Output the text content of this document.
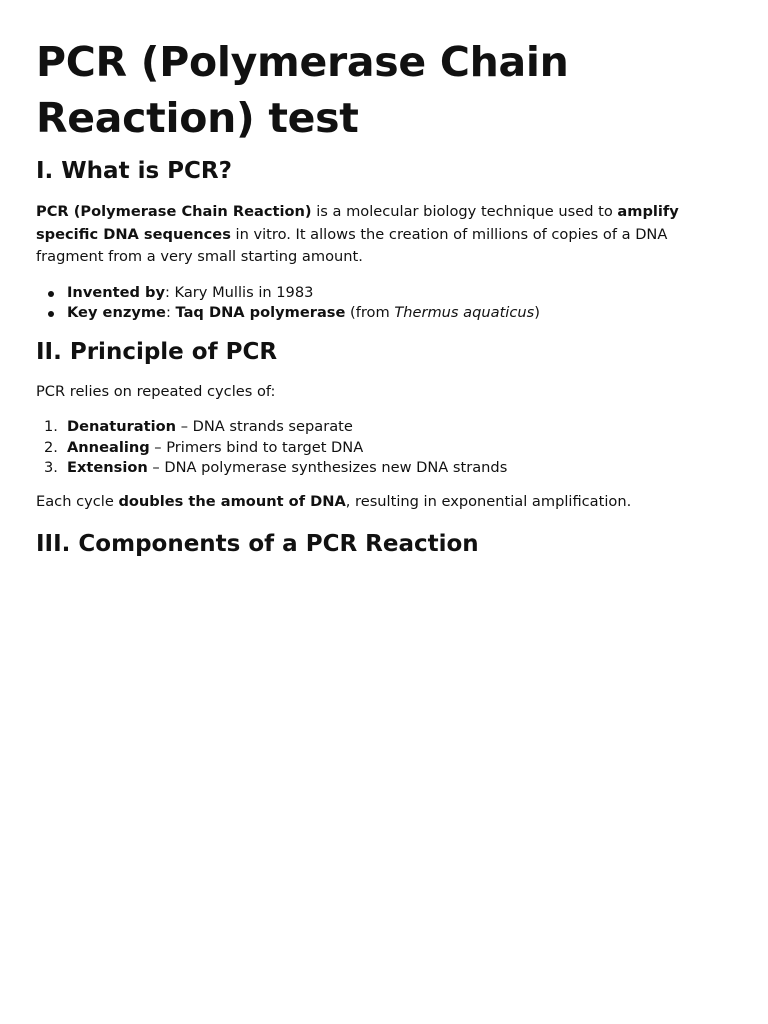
PCR (Polymerase Chain Reaction) test
I. What is PCR?

PCR (Polymerase Chain Reaction) is a molecular biology technique used to amplify specific DNA sequences in vitro. It allows the creation of millions of copies of a DNA fragment from a very small starting amount.

Invented by: Kary Mullis in 1983
Key enzyme: Taq DNA polymerase (from Thermus aquaticus)
II. Principle of PCR

PCR relies on repeated cycles of:

1. Denaturation – DNA strands separate
2. Annealing – Primers bind to target DNA
3. Extension – DNA polymerase synthesizes new DNA strands

Each cycle doubles the amount of DNA, resulting in exponential amplification.

III. Components of a PCR Reaction
